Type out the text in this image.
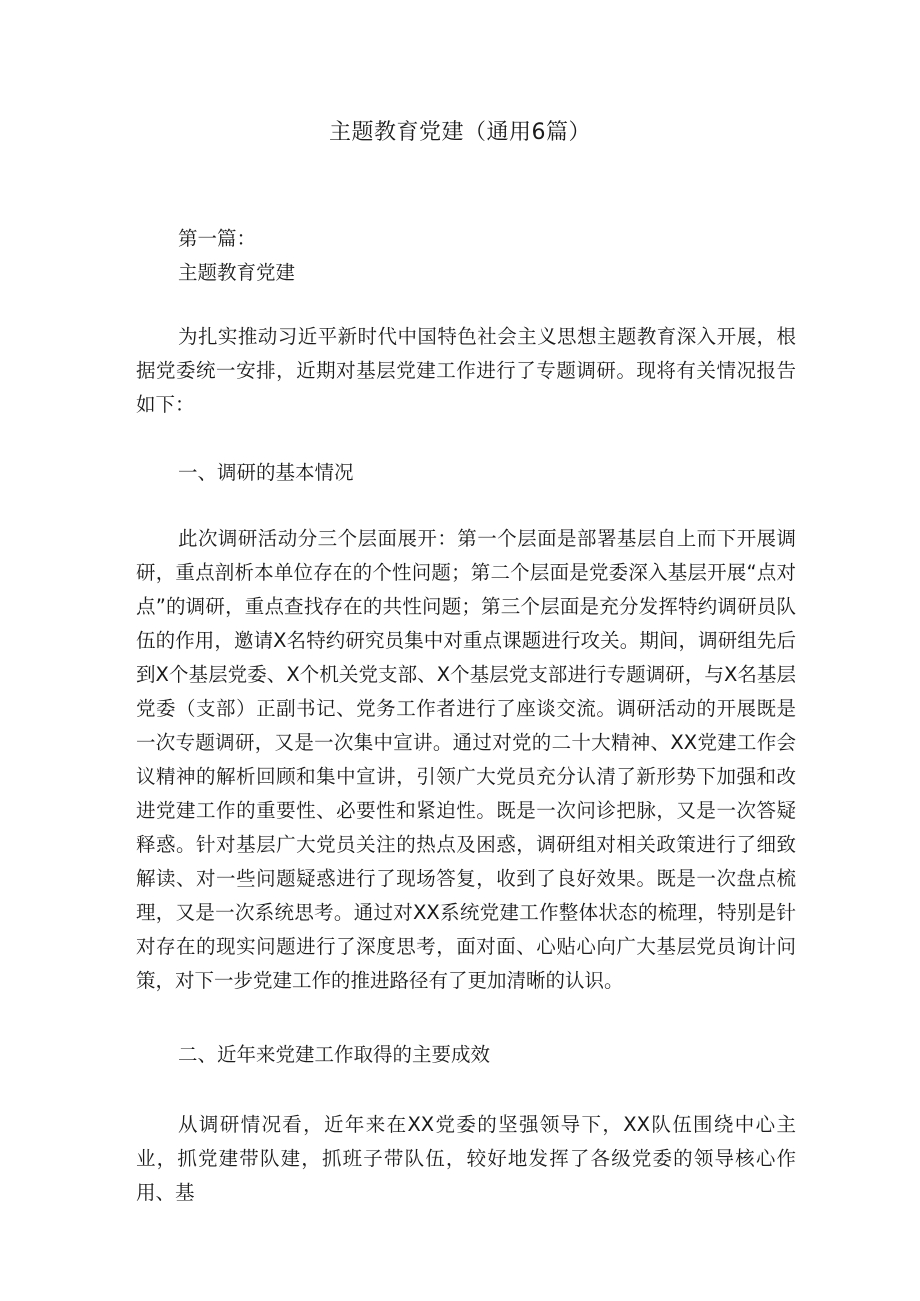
主题教育党建（通用6篇）
第一篇：
主题教育党建

为扎实推动习近平新时代中国特色社会主义思想主题教育深入开展，根据党委统一安排，近期对基层党建工作进行了专题调研。现将有关情况报告如下：

一、调研的基本情况

此次调研活动分三个层面展开：第一个层面是部署基层自上而下开展调研，重点剖析本单位存在的个性问题；第二个层面是党委深入基层开展“点对点”的调研，重点查找存在的共性问题；第三个层面是充分发挥特约调研员队伍的作用，邀请X名特约研究员集中对重点课题进行攻关。期间，调研组先后到X个基层党委、X个机关党支部、X个基层党支部进行专题调研，与X名基层党委（支部）正副书记、党务工作者进行了座谈交流。调研活动的开展既是一次专题调研，又是一次集中宣讲。通过对党的二十大精神、XX党建工作会议精神的解析回顾和集中宣讲，引领广大党员充分认清了新形势下加强和改进党建工作的重要性、必要性和紧迫性。既是一次问诊把脉，又是一次答疑释惑。针对基层广大党员关注的热点及困惑，调研组对相关政策进行了细致解读、对一些问题疑惑进行了现场答复，收到了良好效果。既是一次盘点梳理，又是一次系统思考。通过对XX系统党建工作整体状态的梳理，特别是针对存在的现实问题进行了深度思考，面对面、心贴心向广大基层党员询计问策，对下一步党建工作的推进路径有了更加清晰的认识。

二、近年来党建工作取得的主要成效

从调研情况看，近年来在XX党委的坚强领导下，XX队伍围绕中心主业，抓党建带队建，抓班子带队伍，较好地发挥了各级党委的领导核心作用、基
